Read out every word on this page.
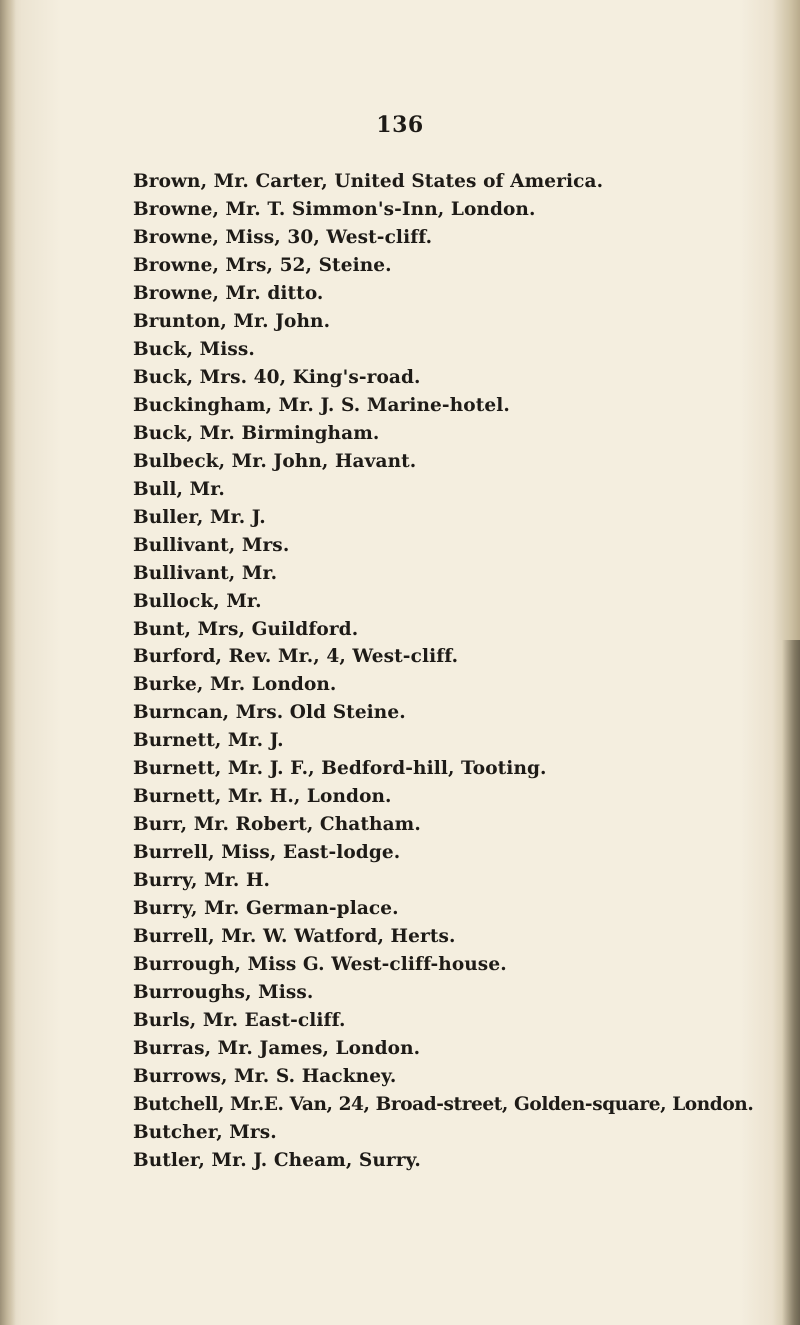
136
Brown, Mr. Carter, United States of America.
Browne, Mr. T. Simmon's-Inn, London.
Browne, Miss, 30, West-cliff.
Browne, Mrs, 52, Steine.
Browne, Mr. ditto.
Brunton, Mr. John.
Buck, Miss.
Buck, Mrs. 40, King's-road.
Buckingham, Mr. J. S. Marine-hotel.
Buck, Mr. Birmingham.
Bulbeck, Mr. John, Havant.
Bull, Mr.
Buller, Mr. J.
Bullivant, Mrs.
Bullivant, Mr.
Bullock, Mr.
Bunt, Mrs, Guildford.
Burford, Rev. Mr., 4, West-cliff.
Burke, Mr. London.
Burncan, Mrs. Old Steine.
Burnett, Mr. J.
Burnett, Mr. J. F., Bedford-hill, Tooting.
Burnett, Mr. H., London.
Burr, Mr. Robert, Chatham.
Burrell, Miss, East-lodge.
Burry, Mr. H.
Burry, Mr. German-place.
Burrell, Mr. W. Watford, Herts.
Burrough, Miss G. West-cliff-house.
Burroughs, Miss.
Burls, Mr. East-cliff.
Burras, Mr. James, London.
Burrows, Mr. S. Hackney.
Butchell, Mr.E. Van, 24, Broad-street, Golden-square, London.
Butcher, Mrs.
Butler, Mr. J. Cheam, Surry.
